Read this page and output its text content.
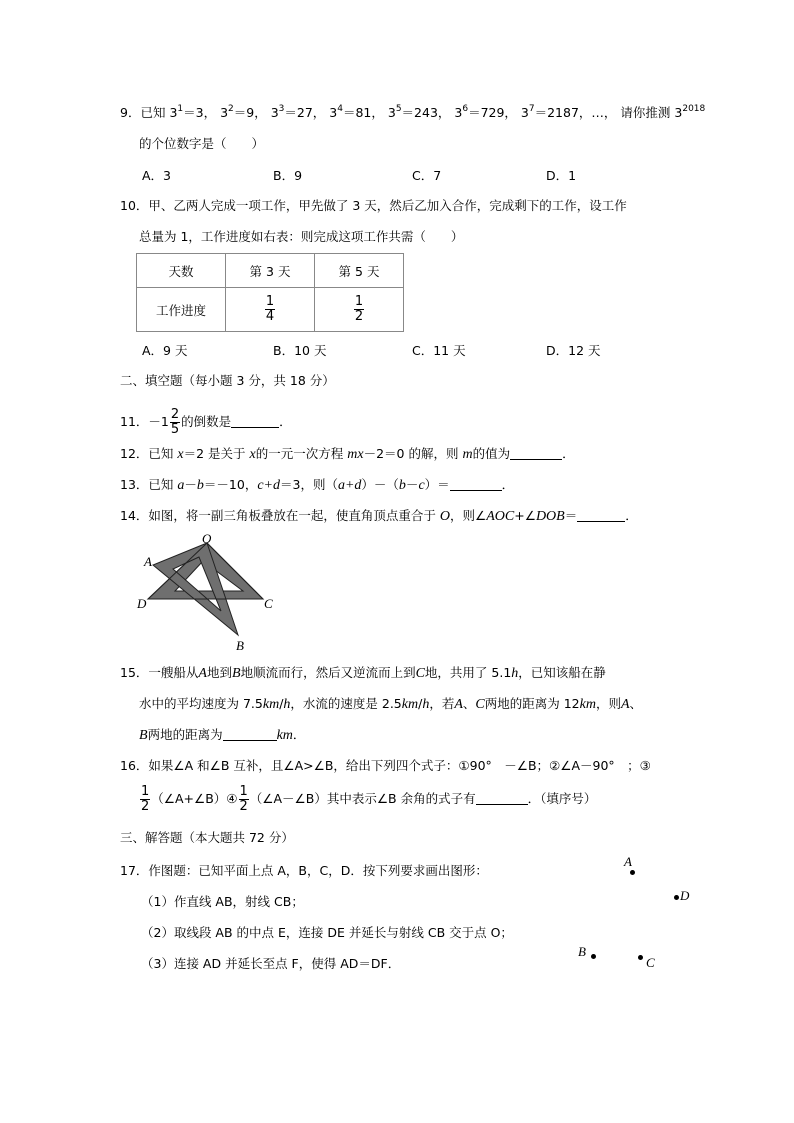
9．已知 $3^1=3$， $3^2=9$， $3^3=27$， $3^4=81$， $3^5=243$， $3^6=729$， $3^7=2187$，…， 请你推测 $3^{2018}$
的个位数字是（　　）
A．3	B．9	C．7	D．1
10．甲、乙两人完成一项工作，甲先做了 3 天，然后乙加入合作，完成剩下的工作，设工作
总量为 1，工作进度如右表：则完成这项工作共需（　　）
天数	第 3 天	第 5 天
工作进度	$\frac{1}{4}$	$\frac{1}{2}$
A．9 天	B．10 天	C．11 天	D．12 天
二、填空题（每小题 3 分，共 18 分）
11．$-1 \frac{2}{5}$ 的倒数是	．
12．已知 x＝2 是关于 x的一元一次方程 mx－2＝0 的解，则 m的值为	．
13．已知 a－b＝－10，c+d＝3，则（a+d）－（b－c）＝	．
14．如图，将一副三角板叠放在一起，使直角顶点重合于 O，则∠AOC+∠DOB＝	．
O
A
D	C
B
15．一艘船从A地到B地顺流而行，然后又逆流而上到C地，共用了 5.1h，已知该船在静
水中的平均速度为 7.5km/h，水流的速度是 2.5km/h，若A、C两地的距离为 12km，则A、
B两地的距离为	km．
16．如果∠A 和∠B 互补，且∠A>∠B，给出下列四个式子：①90°　－∠B；②∠A－90°　；③
$\frac{1}{2}$ （∠A+∠B）④ $\frac{1}{2}$ （∠A－∠B）其中表示∠B 余角的式子有	．（填序号）
三、解答题（本大题共 72 分）
17．作图题：已知平面上点 A，B，C，D．按下列要求画出图形：
（1）作直线 AB，射线 CB；
（2）取线段 AB 的中点 E，连接 DE 并延长与射线 CB 交于点 O；
（3）连接 AD 并延长至点 F，使得 AD＝DF．
A
D
B
C
